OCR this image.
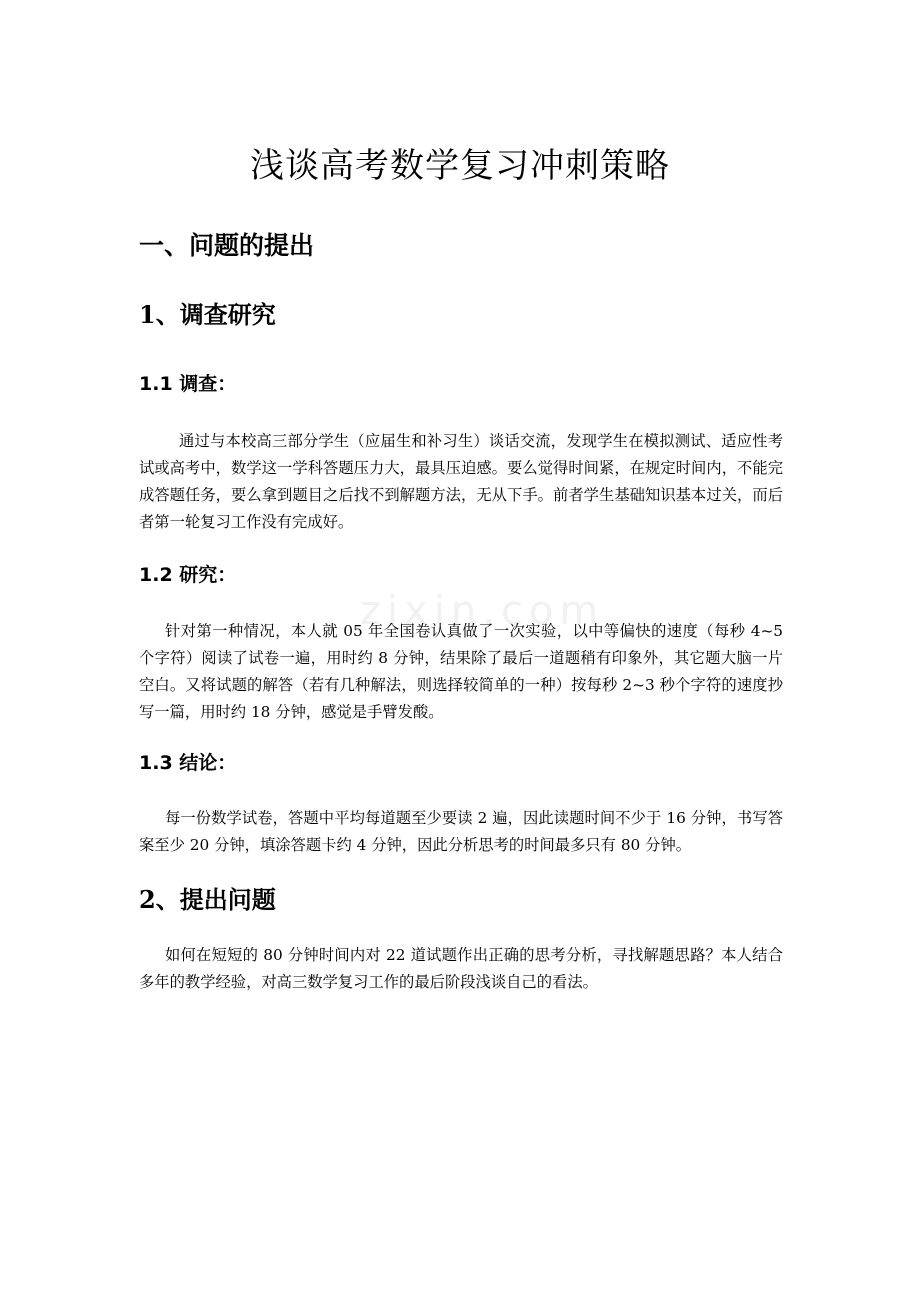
zixin.com
浅谈高考数学复习冲刺策略
一、问题的提出
1、调查研究
1.1 调查：

通过与本校高三部分学生（应届生和补习生）谈话交流，发现学生在模拟测试、适应性考试或高考中，数学这一学科答题压力大，最具压迫感。要么觉得时间紧，在规定时间内，不能完成答题任务，要么拿到题目之后找不到解题方法，无从下手。前者学生基础知识基本过关，而后者第一轮复习工作没有完成好。

1.2 研究：

针对第一种情况，本人就 05 年全国卷认真做了一次实验，以中等偏快的速度（每秒 4~5 个字符）阅读了试卷一遍，用时约 8 分钟，结果除了最后一道题稍有印象外，其它题大脑一片空白。又将试题的解答（若有几种解法，则选择较简单的一种）按每秒 2~3 秒个字符的速度抄写一篇，用时约 18 分钟，感觉是手臂发酸。

1.3 结论：

每一份数学试卷，答题中平均每道题至少要读 2 遍，因此读题时间不少于 16 分钟，书写答案至少 20 分钟，填涂答题卡约 4 分钟，因此分析思考的时间最多只有 80 分钟。

2、提出问题

如何在短短的 80 分钟时间内对 22 道试题作出正确的思考分析，寻找解题思路？本人结合多年的教学经验，对高三数学复习工作的最后阶段浅谈自己的看法。
